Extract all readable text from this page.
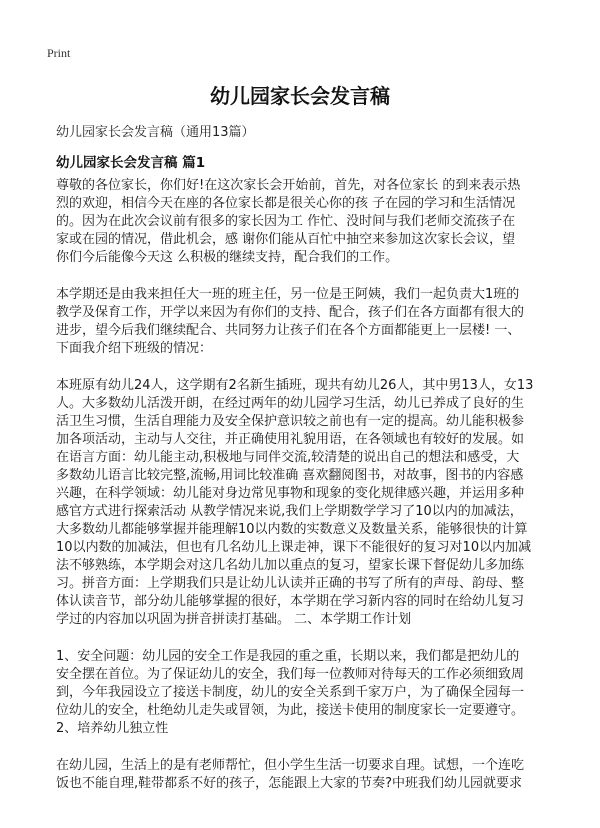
Print
幼儿园家长会发言稿

幼儿园家长会发言稿（通用13篇）

幼儿园家长会发言稿 篇1

尊敬的各位家长，你们好!在这次家长会开始前，首先，对各位家长 的到来表示热
烈的欢迎，相信今天在座的各位家长都是很关心你的孩 子在园的学习和生活情况
的。因为在此次会议前有很多的家长因为工 作忙、没时间与我们老师交流孩子在
家或在园的情况，借此机会，感 谢你们能从百忙中抽空来参加这次家长会议，望
你们今后能像今天这 么积极的继续支持，配合我们的工作。

本学期还是由我来担任大一班的班主任，另一位是王阿姨，我们一起负责大1班的
教学及保育工作，开学以来因为有你们的支持、配合，孩子们在各方面都有很大的
进步，望今后我们继续配合、共同努力让孩子们在各个方面都能更上一层楼! 一、
下面我介绍下班级的情况：

本班原有幼儿24人，这学期有2名新生插班，现共有幼儿26人，其中男13人，女13
人。大多数幼儿活泼开朗，在经过两年的幼儿园学习生活，幼儿已养成了良好的生
活卫生习惯，生活自理能力及安全保护意识较之前也有一定的提高。幼儿能积极参
加各项活动，主动与人交往，并正确使用礼貌用语，在各领域也有较好的发展。如
在语言方面：幼儿能主动,积极地与同伴交流,较清楚的说出自己的想法和感受，大
多数幼儿语言比较完整,流畅,用词比较准确 喜欢翻阅图书，对故事，图书的内容感
兴趣，在科学领域：幼儿能对身边常见事物和现象的变化规律感兴趣，并运用多种
感官方式进行探索活动 从教学情况来说,我们上学期数学学习了10以内的加减法，
大多数幼儿都能够掌握并能理解10以内数的实数意义及数量关系，能够很快的计算
10以内数的加减法，但也有几名幼儿上课走神，课下不能很好的复习对10以内加减
法不够熟练，本学期会对这几名幼儿加以重点的复习，望家长课下督促幼儿多加练
习。拼音方面：上学期我们只是让幼儿认读并正确的书写了所有的声母、韵母、整
体认读音节，部分幼儿能够掌握的很好，本学期在学习新内容的同时在给幼儿复习
学过的内容加以巩固为拼音拼读打基础。 二、本学期工作计划

1、安全问题：幼儿园的安全工作是我园的重之重，长期以来，我们都是把幼儿的
安全摆在首位。为了保证幼儿的安全，我们每一位教师对待每天的工作必须细致周
到，今年我园设立了接送卡制度，幼儿的安全关系到千家万户，为了确保全园每一
位幼儿的安全，杜绝幼儿走失或冒领，为此，接送卡使用的制度家长一定要遵守。
2、培养幼儿独立性

在幼儿园，生活上的是有老师帮忙，但小学生生活一切要求自理。试想，一个连吃
饭也不能自理,鞋带都系不好的孩子，怎能跟上大家的节奏?中班我们幼儿园就要求
